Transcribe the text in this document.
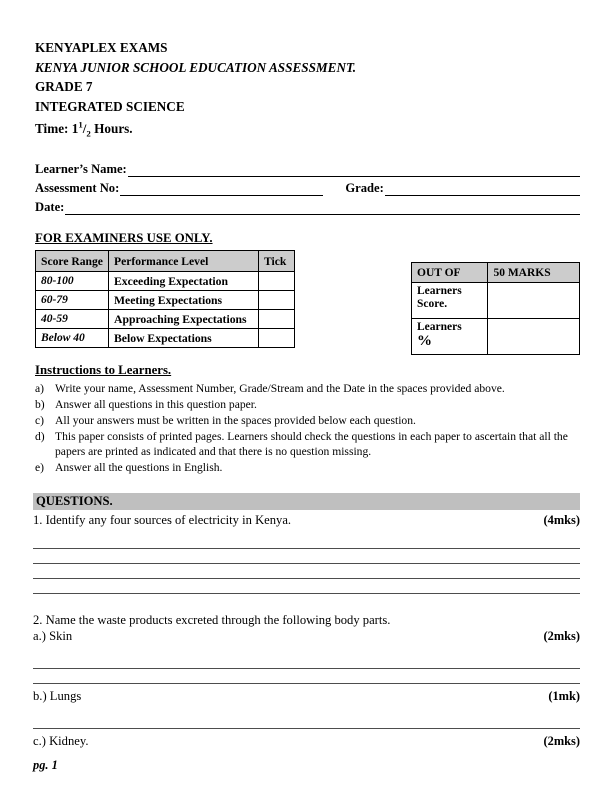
KENYAPLEX EXAMS
KENYA JUNIOR SCHOOL EDUCATION ASSESSMENT.
GRADE 7
INTEGRATED SCIENCE
Time: $1^1/_2$ Hours.
Learner’s Name:
Assessment No:	Grade:
Date:
FOR EXAMINERS USE ONLY.
Score Range	Performance Level	Tick
80-100	Exceeding Expectation	
60-79	Meeting Expectations	
40-59	Approaching Expectations	
Below 40	Below Expectations	
OUT OF	50 MARKS

Learners
Score.	

Learners
%	

Instructions to Learners.
a) Write your name, Assessment Number, Grade/Stream and the Date in the spaces provided above.
b) Answer all questions in this question paper.
c) All your answers must be written in the spaces provided below each question.
d) This paper consists of printed pages. Learners should check the questions in each paper to ascertain that all the papers are printed as indicated and that there is no question missing.
e) Answer all the questions in English.
QUESTIONS.
1. Identify any four sources of electricity in Kenya.	(4mks)
2. Name the waste products excreted through the following body parts.
a.) Skin	(2mks)
b.) Lungs	(1mk)
c.) Kidney.	(2mks)
pg. 1
